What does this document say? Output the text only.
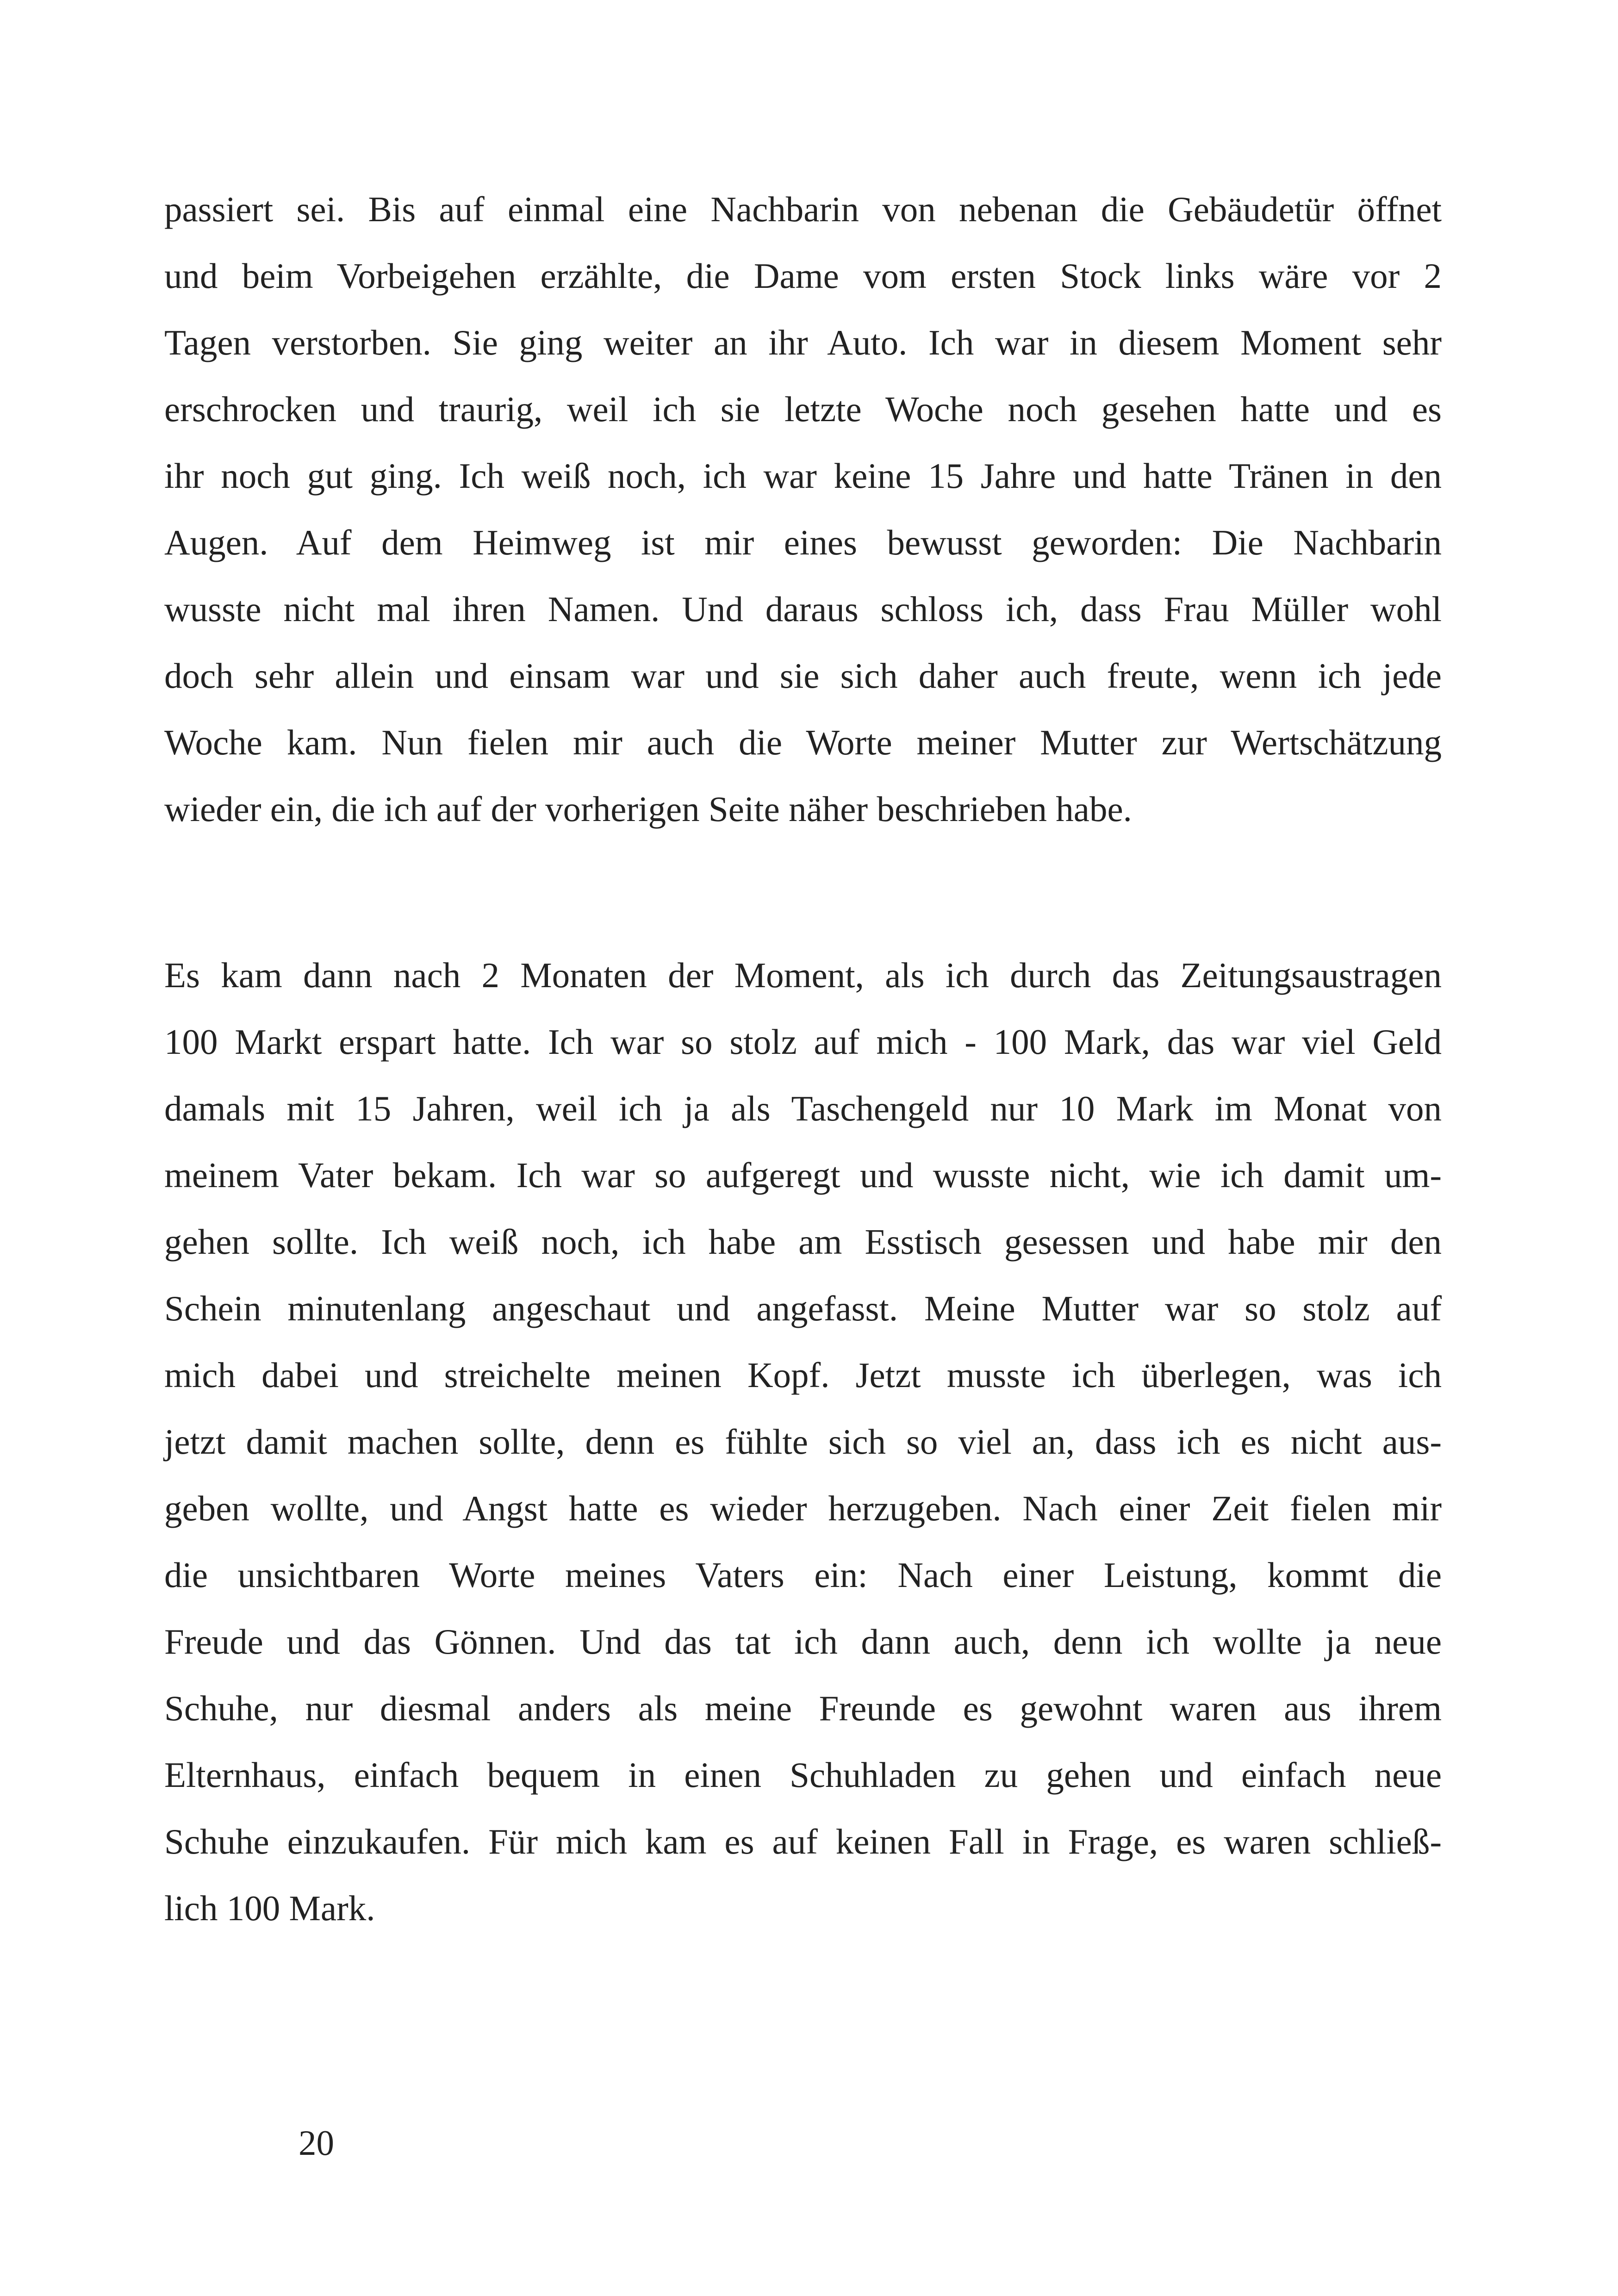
passiert sei. Bis auf einmal eine Nachbarin von nebenan die Gebäudetür öffnet
und beim Vorbeigehen erzählte, die Dame vom ersten Stock links wäre vor 2
Tagen verstorben. Sie ging weiter an ihr Auto. Ich war in diesem Moment sehr
erschrocken und traurig, weil ich sie letzte Woche noch gesehen hatte und es
ihr noch gut ging. Ich weiß noch, ich war keine 15 Jahre und hatte Tränen in den
Augen. Auf dem Heimweg ist mir eines bewusst geworden: Die Nachbarin
wusste nicht mal ihren Namen. Und daraus schloss ich, dass Frau Müller wohl
doch sehr allein und einsam war und sie sich daher auch freute, wenn ich jede
Woche kam. Nun fielen mir auch die Worte meiner Mutter zur Wertschätzung
wieder ein, die ich auf der vorherigen Seite näher beschrieben habe.
Es kam dann nach 2 Monaten der Moment, als ich durch das Zeitungsaustragen
100 Markt erspart hatte. Ich war so stolz auf mich - 100 Mark, das war viel Geld
damals mit 15 Jahren, weil ich ja als Taschengeld nur 10 Mark im Monat von
meinem Vater bekam. Ich war so aufgeregt und wusste nicht, wie ich damit um-
gehen sollte. Ich weiß noch, ich habe am Esstisch gesessen und habe mir den
Schein minutenlang angeschaut und angefasst. Meine Mutter war so stolz auf
mich dabei und streichelte meinen Kopf. Jetzt musste ich überlegen, was ich
jetzt damit machen sollte, denn es fühlte sich so viel an, dass ich es nicht aus-
geben wollte, und Angst hatte es wieder herzugeben. Nach einer Zeit fielen mir
die unsichtbaren Worte meines Vaters ein: Nach einer Leistung, kommt die
Freude und das Gönnen. Und das tat ich dann auch, denn ich wollte ja neue
Schuhe, nur diesmal anders als meine Freunde es gewohnt waren aus ihrem
Elternhaus, einfach bequem in einen Schuhladen zu gehen und einfach neue
Schuhe einzukaufen. Für mich kam es auf keinen Fall in Frage, es waren schließ-
lich 100 Mark.
20
